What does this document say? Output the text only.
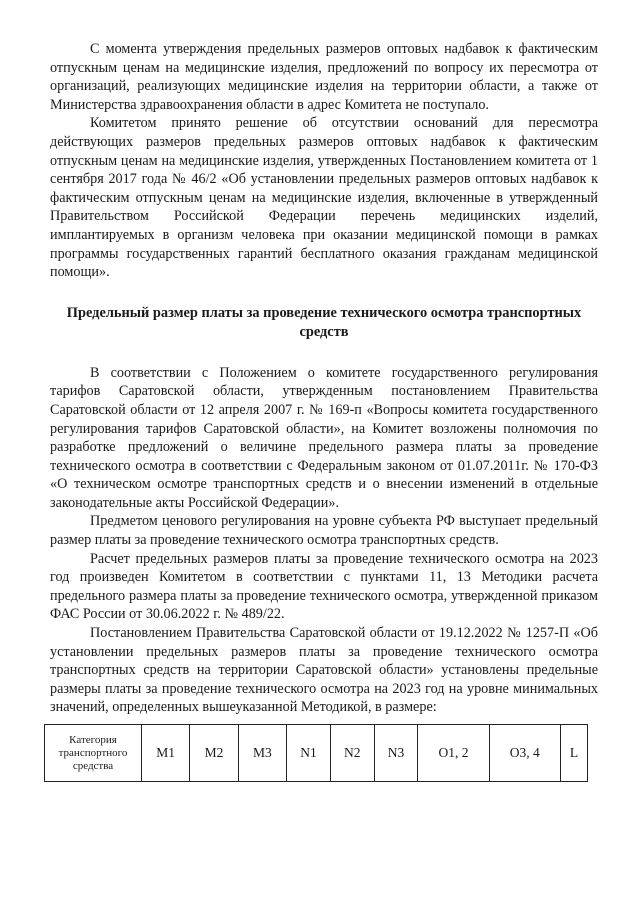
С момента утверждения предельных размеров оптовых надбавок к фактическим отпускным ценам на медицинские изделия, предложений по вопросу их пересмотра от организаций, реализующих медицинские изделия на территории области, а также от Министерства здравоохранения области в адрес Комитета не поступало.

Комитетом принято решение об отсутствии оснований для пересмотра действующих размеров предельных размеров оптовых надбавок к фактическим отпускным ценам на медицинские изделия, утвержденных Постановлением комитета от 1 сентября 2017 года № 46/2 «Об установлении предельных размеров оптовых надбавок к фактическим отпускным ценам на медицинские изделия, включенные в утвержденный Правительством Российской Федерации перечень медицинских изделий, имплантируемых в организм человека при оказании медицинской помощи в рамках программы государственных гарантий бесплатного оказания гражданам медицинской помощи».

Предельный размер платы за проведение технического осмотра транспортных средств

В соответствии с Положением о комитете государственного регулирования тарифов Саратовской области, утвержденным постановлением Правительства Саратовской области от 12 апреля 2007 г. № 169-п «Вопросы комитета государственного регулирования тарифов Саратовской области», на Комитет возложены полномочия по разработке предложений о величине предельного размера платы за проведение технического осмотра в соответствии с Федеральным законом от 01.07.2011г. № 170-ФЗ «О техническом осмотре транспортных средств и о внесении изменений в отдельные законодательные акты Российской Федерации».

Предметом ценового регулирования на уровне субъекта РФ выступает предельный размер платы за проведение технического осмотра транспортных средств.

Расчет предельных размеров платы за проведение технического осмотра на 2023 год произведен Комитетом в соответствии с пунктами 11, 13 Методики расчета предельного размера платы за проведение технического осмотра, утвержденной приказом ФАС России от 30.06.2022 г. № 489/22.

Постановлением Правительства Саратовской области от 19.12.2022 № 1257-П «Об установлении предельных размеров платы за проведение технического осмотра транспортных средств на территории Саратовской области» установлены предельные размеры платы за проведение технического осмотра на 2023 год на уровне минимальных значений, определенных вышеуказанной Методикой, в размере:

Категория транспортного средства	M1	M2	M3	N1	N2	N3	O1, 2	O3, 4	L
